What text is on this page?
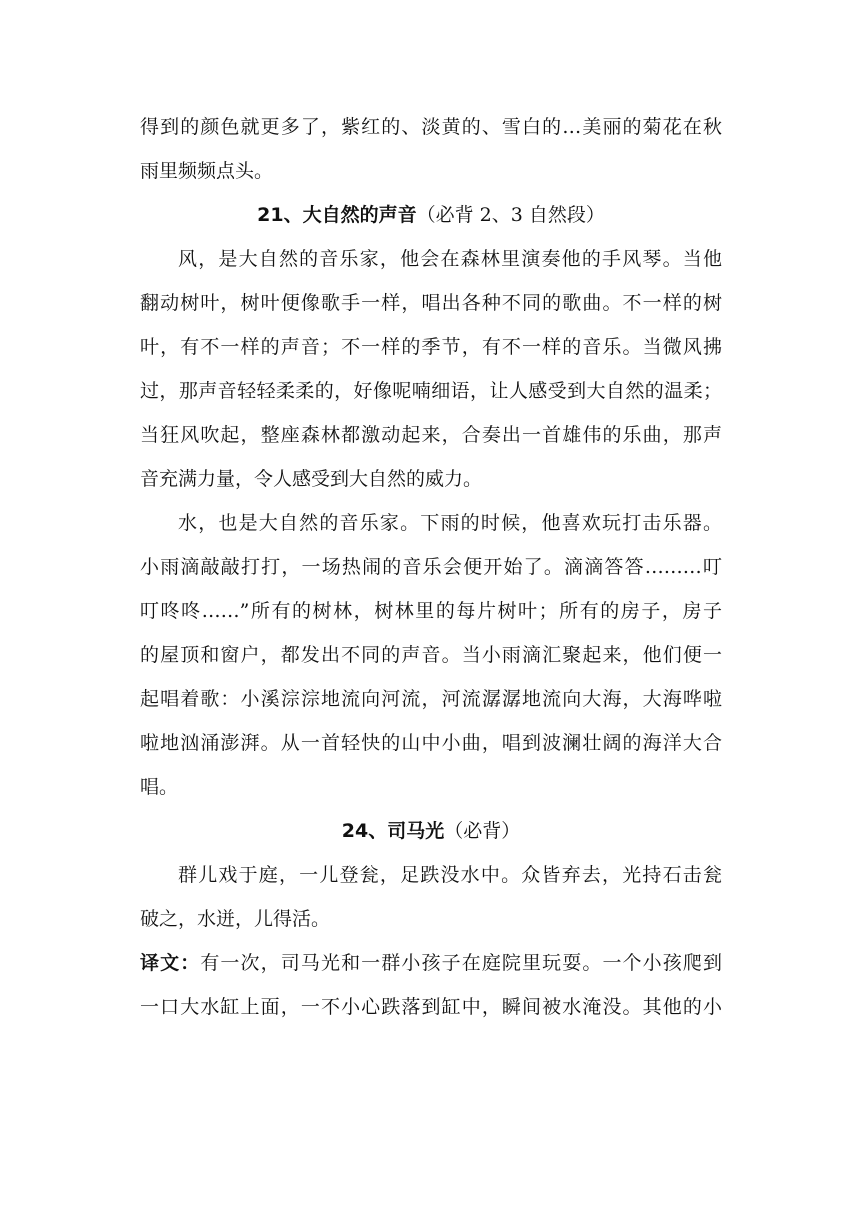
得到的颜色就更多了，紫红的、淡黄的、雪白的…美丽的菊花在秋
雨里频频点头。
21、大自然的声音（必背 2、3 自然段）
风，是大自然的音乐家，他会在森林里演奏他的手风琴。当他
翻动树叶，树叶便像歌手一样，唱出各种不同的歌曲。不一样的树
叶，有不一样的声音；不一样的季节，有不一样的音乐。当微风拂
过，那声音轻轻柔柔的，好像呢喃细语，让人感受到大自然的温柔；
当狂风吹起，整座森林都激动起来，合奏出一首雄伟的乐曲，那声
音充满力量，令人感受到大自然的威力。
水，也是大自然的音乐家。下雨的时候，他喜欢玩打击乐器。
小雨滴敲敲打打，一场热闹的音乐会便开始了。滴滴答答………叮
叮咚咚……”所有的树林，树林里的每片树叶；所有的房子，房子
的屋顶和窗户，都发出不同的声音。当小雨滴汇聚起来，他们便一
起唱着歌：小溪淙淙地流向河流，河流潺潺地流向大海，大海哗啦
啦地汹涌澎湃。从一首轻快的山中小曲，唱到波澜壮阔的海洋大合
唱。
24、司马光（必背）
群儿戏于庭，一儿登瓮，足跌没水中。众皆弃去，光持石击瓮
破之，水迸，儿得活。
译文：有一次，司马光和一群小孩子在庭院里玩耍。一个小孩爬到
一口大水缸上面，一不小心跌落到缸中，瞬间被水淹没。其他的小
